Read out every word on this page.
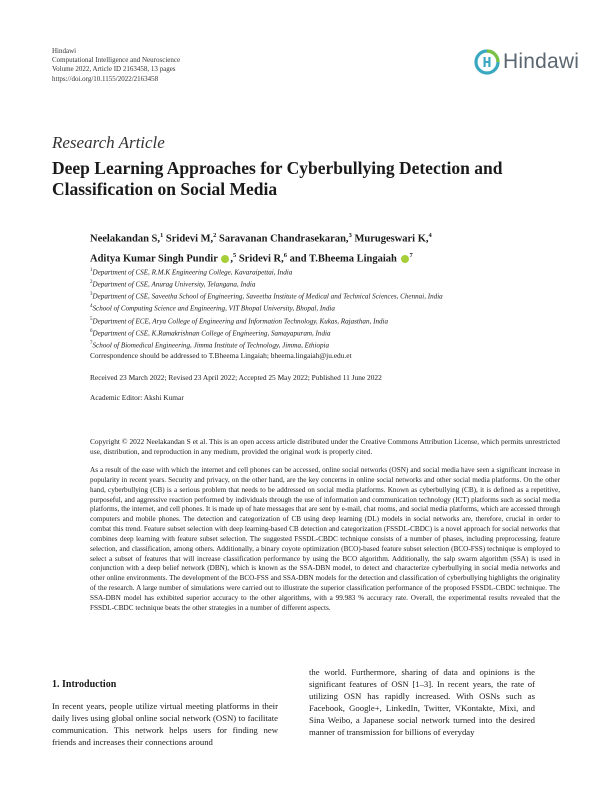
Hindawi
Computational Intelligence and Neuroscience
Volume 2022, Article ID 2163458, 13 pages
https://doi.org/10.1155/2022/2163458
Hindawi
Research Article
Deep Learning Approaches for Cyberbullying Detection and Classification on Social Media
Neelakandan S,$^1$ Sridevi M,$^2$ Saravanan Chandrasekaran,$^3$ Murugeswari K,$^4$
Aditya Kumar Singh Pundir ,$^5$ Sridevi R,$^6$ and T.Bheema Lingaiah $^7$
$^1$Department of CSE, R.M.K Engineering College, Kavaraipettai, India
$^2$Department of CSE, Anurag University, Telangana, India
$^3$Department of CSE, Saveetha School of Engineering, Saveetha Institute of Medical and Technical Sciences, Chennai, India
$^4$School of Computing Science and Engineering, VIT Bhopal University, Bhopal, India
$^5$Department of ECE, Arya College of Engineering and Information Technology, Kukas, Rajasthan, India
$^6$Department of CSE, K.Ramakrishnan College of Engineering, Samayapuram, India
$^7$School of Biomedical Engineering, Jimma Institute of Technology, Jimma, Ethiopia
Correspondence should be addressed to T.Bheema Lingaiah; bheema.lingaiah@ju.edu.et
Received 23 March 2022; Revised 23 April 2022; Accepted 25 May 2022; Published 11 June 2022
Academic Editor: Akshi Kumar
Copyright © 2022 Neelakandan S et al. This is an open access article distributed under the Creative Commons Attribution License, which permits unrestricted use, distribution, and reproduction in any medium, provided the original work is properly cited.
As a result of the ease with which the internet and cell phones can be accessed, online social networks (OSN) and social media have seen a significant increase in popularity in recent years. Security and privacy, on the other hand, are the key concerns in online social networks and other social media platforms. On the other hand, cyberbullying (CB) is a serious problem that needs to be addressed on social media platforms. Known as cyberbullying (CB), it is defined as a repetitive, purposeful, and aggressive reaction performed by individuals through the use of information and communication technology (ICT) platforms such as social media platforms, the internet, and cell phones. It is made up of hate messages that are sent by e-mail, chat rooms, and social media platforms, which are accessed through computers and mobile phones. The detection and categorization of CB using deep learning (DL) models in social networks are, therefore, crucial in order to combat this trend. Feature subset selection with deep learning-based CB detection and categorization (FSSDL-CBDC) is a novel approach for social networks that combines deep learning with feature subset selection. The suggested FSSDL-CBDC technique consists of a number of phases, including preprocessing, feature selection, and classification, among others. Additionally, a binary coyote optimization (BCO)-based feature subset selection (BCO-FSS) technique is employed to select a subset of features that will increase classification performance by using the BCO algorithm. Additionally, the salp swarm algorithm (SSA) is used in conjunction with a deep belief network (DBN), which is known as the SSA-DBN model, to detect and characterize cyberbullying in social media networks and other online environments. The development of the BCO-FSS and SSA-DBN models for the detection and classification of cyberbullying highlights the originality of the research. A large number of simulations were carried out to illustrate the superior classification performance of the proposed FSSDL-CBDC technique. The SSA-DBN model has exhibited superior accuracy to the other algorithms, with a 99.983 % accuracy rate. Overall, the experimental results revealed that the FSSDL-CBDC technique beats the other strategies in a number of different aspects.
1. Introduction
In recent years, people utilize virtual meeting platforms in their daily lives using global online social network (OSN) to facilitate communication. This network helps users for finding new friends and increases their connections around
the world. Furthermore, sharing of data and opinions is the significant features of OSN [1–3]. In recent years, the rate of utilizing OSN has rapidly increased. With OSNs such as Facebook, Google+, LinkedIn, Twitter, VKontakte, Mixi, and Sina Weibo, a Japanese social network turned into the desired manner of transmission for billions of everyday
